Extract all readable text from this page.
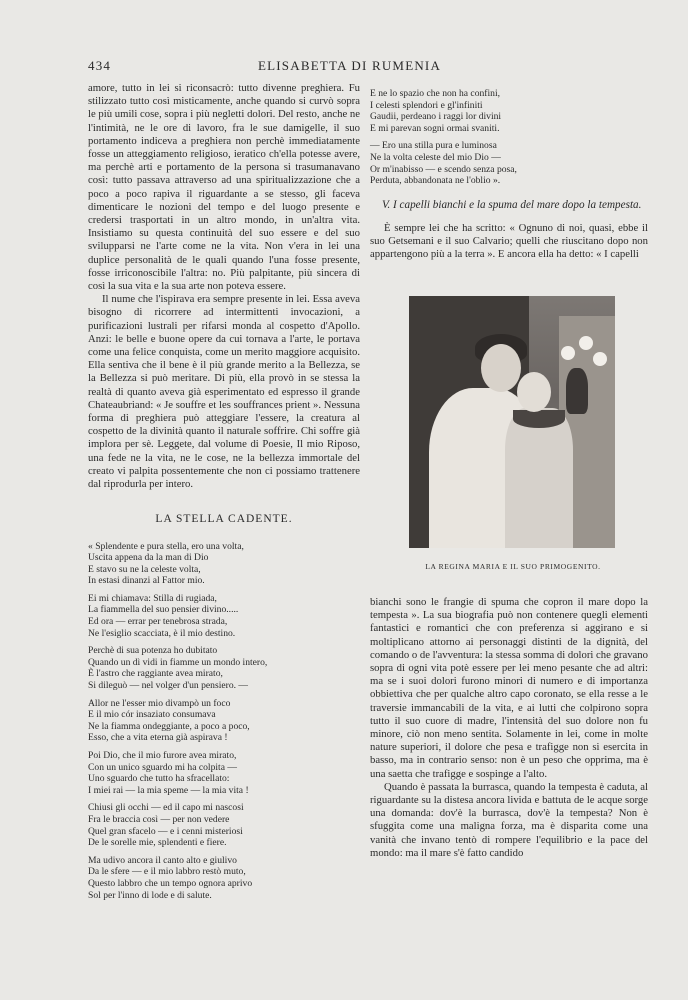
434	ELISABETTA DI RUMENIA

amore, tutto in lei si riconsacrò: tutto divenne preghiera. Fu stilizzato tutto così misticamente, anche quando si curvò sopra le più umili cose, sopra i più negletti dolori. Del resto, anche ne l'intimità, ne le ore di lavoro, fra le sue damigelle, il suo portamento indiceva a preghiera non perchè immediatamente fosse un atteggiamento religioso, ieratico ch'ella potesse avere, ma perchè arti e portamento de la persona si trasumanavano così: tutto passava attraverso ad una spiritualizzazione che a poco a poco rapiva il riguardante a se stesso, gli faceva dimenticare le nozioni del tempo e del luogo presente e credersi trasportati in un altro mondo, in un'altra vita. Insistiamo su questa continuità del suo essere e del suo svilupparsi ne l'arte come ne la vita. Non v'era in lei una duplice personalità de le quali quando l'una fosse presente, fosse irriconoscibile l'altra: no. Più palpitante, più sincera di così la sua vita e la sua arte non poteva essere.

Il nume che l'ispirava era sempre presente in lei. Essa aveva bisogno di ricorrere ad intermittenti invocazioni, a purificazioni lustrali per rifarsi monda al cospetto d'Apollo. Anzi: le belle e buone opere da cui tornava a l'arte, le portava come una felice conquista, come un merito maggiore acquisito. Ella sentiva che il bene è il più grande merito a la Bellezza, se la Bellezza si può meritare. Di più, ella provò in se stessa la realtà di quanto aveva già esperimentato ed espresso il grande Chateaubriand: « Je souffre et les souffrances prient ». Nessuna forma di preghiera può atteggiare l'essere, la creatura al cospetto de la divinità quanto il naturale soffrire. Chi soffre già implora per sè. Leggete, dal volume di Poesie, Il mio Riposo, una fede ne la vita, ne le cose, ne la bellezza immortale del creato vi palpita possentemente che non ci possiamo trattenere dal riprodurla per intero.

LA STELLA CADENTE.
« Splendente e pura stella, ero una volta,
Uscita appena da la man di Dio
E stavo su ne la celeste volta,
In estasi dinanzi al Fattor mio.
Ei mi chiamava: Stilla di rugiada,
La fiammella del suo pensier divino.....
Ed ora — errar per tenebrosa strada,
Ne l'esiglio scacciata, è il mio destino.
Perchè di sua potenza ho dubitato
Quando un dì vidi in fiamme un mondo intero,
È l'astro che raggiante avea mirato,
Si dileguò — nel volger d'un pensiero. —
Allor ne l'esser mio divampò un foco
E il mio cór insaziato consumava
Ne la fiamma ondeggiante, a poco a poco,
Esso, che a vita eterna già aspirava !
Poi Dio, che il mio furore avea mirato,
Con un unico sguardo mi ha colpita —
Uno sguardo che tutto ha sfracellato:
I miei rai — la mia speme — la mia vita !
Chiusi gli occhi — ed il capo mi nascosi
Fra le braccia così — per non vedere
Quel gran sfacelo — e i cenni misteriosi
De le sorelle mie, splendenti e fiere.
Ma udivo ancora il canto alto e giulivo
Da le sfere — e il mio labbro restò muto,
Questo labbro che un tempo ognora aprivo
Sol per l'inno di lode e di salute.
E ne lo spazio che non ha confini,
I celesti splendori e gl'infiniti
Gaudii, perdeano i raggi lor divini
E mi parevan sogni ormai svaniti.
— Ero una stilla pura e luminosa
Ne la volta celeste del mio Dio —
Or m'inabisso — e scendo senza posa,
Perduta, abbandonata ne l'oblio ».
V. I capelli bianchi e la spuma del mare dopo la tempesta.

È sempre lei che ha scritto: « Ognuno di noi, quasi, ebbe il suo Getsemani e il suo Calvario; quelli che riuscitano dopo non appartengono più a la terra ». E ancora ella ha detto: « I capelli

LA REGINA MARIA E IL SUO PRIMOGENITO.

bianchi sono le frangie di spuma che copron il mare dopo la tempesta ». La sua biografia può non contenere quegli elementi fantastici e romantici che con preferenza si aggirano e si moltiplicano attorno ai personaggi distinti de la dignità, del comando o de l'avventura: la stessa somma di dolori che gravano sopra di ogni vita potè essere per lei meno pesante che ad altri: ma se i suoi dolori furono minori di numero e di importanza obbiettiva che per qualche altro capo coronato, se ella resse a le traversie immancabili de la vita, e ai lutti che colpirono sopra tutto il suo cuore di madre, l'intensità del suo dolore non fu minore, ciò non meno sentita. Solamente in lei, come in molte nature superiori, il dolore che pesa e trafigge non si esercita in basso, ma in contrario senso: non è un peso che opprima, ma è una saetta che trafigge e sospinge a l'alto.

Quando è passata la burrasca, quando la tempesta è caduta, al riguardante su la distesa ancora livida e battuta de le acque sorge una domanda: dov'è la burrasca, dov'è la tempesta? Non è sfuggita come una maligna forza, ma è disparita come una vanità che invano tentò di rompere l'equilibrio e la pace del mondo: ma il mare s'è fatto candido
